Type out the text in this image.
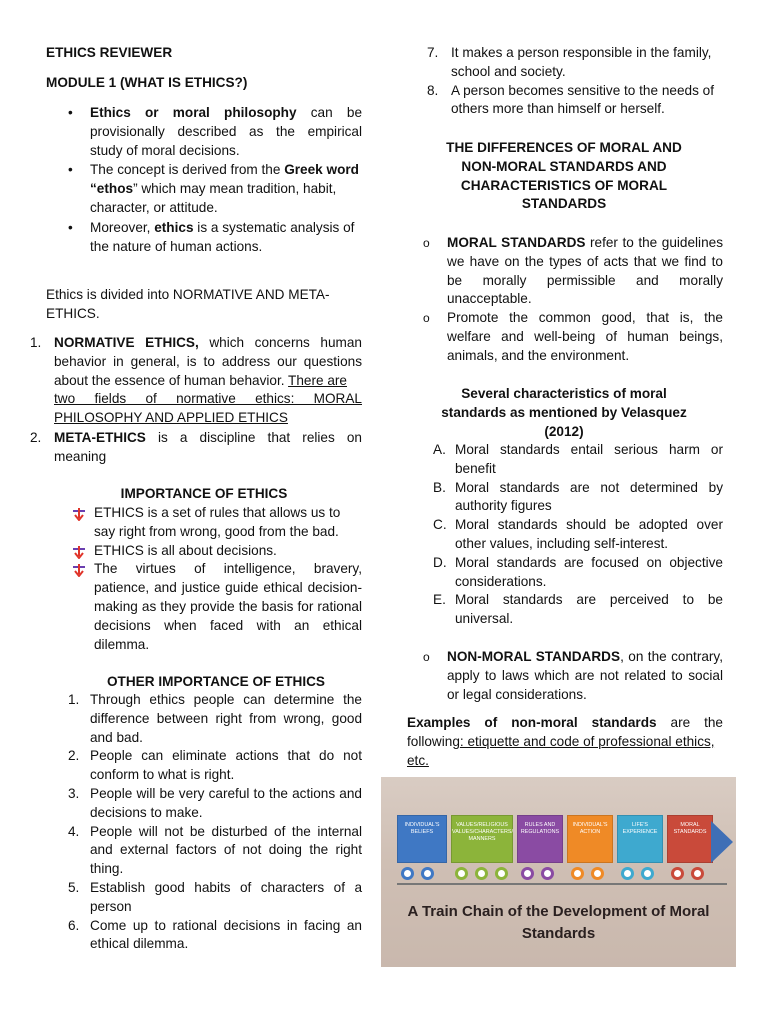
ETHICS REVIEWER
MODULE 1 (WHAT IS ETHICS?)
• Ethics or moral philosophy can be
provisionally described as the empirical
study of moral decisions.
• The concept is derived from the Greek word
“ethos” which may mean tradition, habit,
character, or attitude.
• Moreover, ethics is a systematic analysis of
the nature of human actions.
Ethics is divided into NORMATIVE AND META-
ETHICS.
1. NORMATIVE ETHICS, which concerns human
behavior in general, is to address our questions
about the essence of human behavior. There are
two fields of normative ethics: MORAL
PHILOSOPHY AND APPLIED ETHICS
2. META-ETHICS is a discipline that relies on
meaning
IMPORTANCE OF ETHICS
ETHICS is a set of rules that allows us to
say right from wrong, good from the bad.
ETHICS is all about decisions.
The virtues of intelligence, bravery,
patience, and justice guide ethical decision-
making as they provide the basis for rational
decisions when faced with an ethical
dilemma.
OTHER IMPORTANCE OF ETHICS
1. Through ethics people can determine the
difference between right from wrong, good
and bad.
2. People can eliminate actions that do not
conform to what is right.
3. People will be very careful to the actions and
decisions to make.
4. People will not be disturbed of the internal
and external factors of not doing the right
thing.
5. Establish good habits of characters of a
person
6. Come up to rational decisions in facing an
ethical dilemma.
7. It makes a person responsible in the family,
school and society.
8. A person becomes sensitive to the needs of
others more than himself or herself.
THE DIFFERENCES OF MORAL AND
NON-MORAL STANDARDS AND
CHARACTERISTICS OF MORAL
STANDARDS
o MORAL STANDARDS refer to the guidelines
we have on the types of acts that we find to
be morally permissible and morally
unacceptable.
o Promote the common good, that is, the
welfare and well-being of human beings,
animals, and the environment.
Several characteristics of moral
standards as mentioned by Velasquez
(2012)
A. Moral standards entail serious harm or
benefit
B. Moral standards are not determined by
authority figures
C. Moral standards should be adopted over
other values, including self-interest.
D. Moral standards are focused on objective
considerations.
E. Moral standards are perceived to be
universal.
o NON-MORAL STANDARDS, on the contrary,
apply to laws which are not related to social
or legal considerations.
Examples of non-moral standards are the
following: etiquette and code of professional ethics,
etc.
INDIVIDUAL'S BELIEFS
VALUES/RELIGIOUS VALUES/CHARACTERS/ MANNERS
RULES AND REGULATIONS
INDIVIDUAL'S ACTION
LIFE'S EXPERIENCE
MORAL STANDARDS
A Train Chain of the Development of Moral
Standards
